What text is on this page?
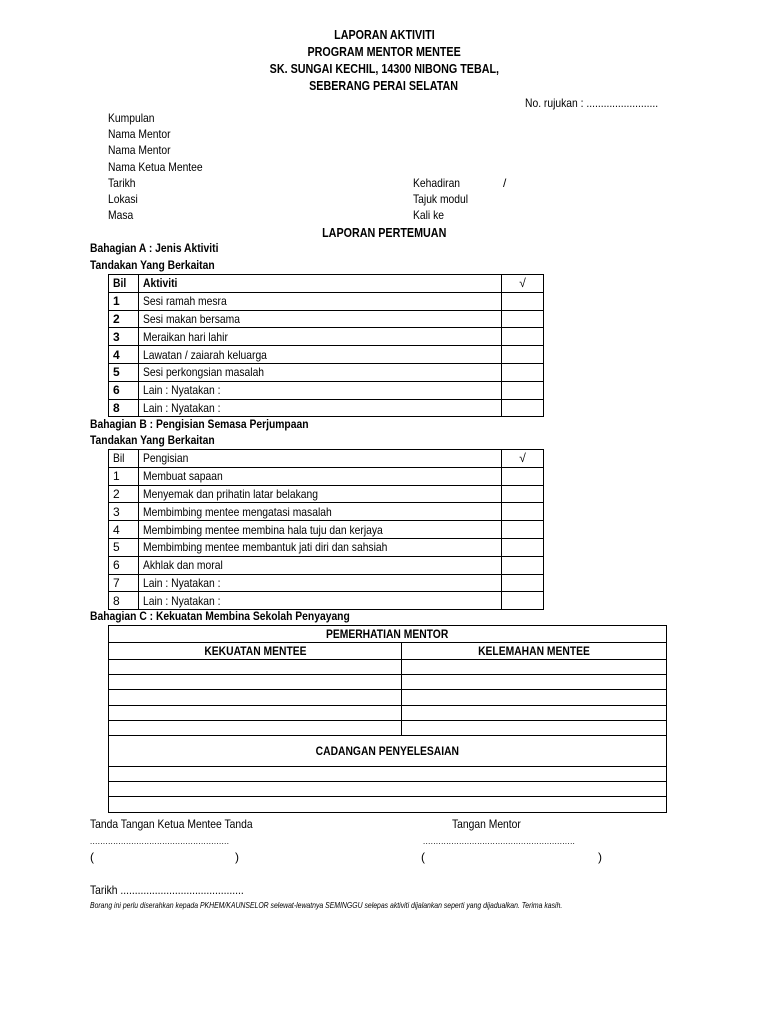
LAPORAN AKTIVITI
PROGRAM MENTOR MENTEE
SK. SUNGAI KECHIL, 14300 NIBONG TEBAL,
SEBERANG PERAI SELATAN
No. rujukan : .........................
Kumpulan
Nama Mentor
Nama Mentor
Nama Ketua Mentee
Tarikh
Lokasi
Masa
Kehadiran	/
Tajuk modul
Kali ke
LAPORAN PERTEMUAN
Bahagian A : Jenis Aktiviti
Tandakan Yang Berkaitan
Bil	Aktiviti	√
1	Sesi ramah mesra	
2	Sesi makan bersama	
3	Meraikan hari lahir	
4	Lawatan / zaiarah keluarga	
5	Sesi perkongsian masalah	
6	Lain : Nyatakan :	
8	Lain : Nyatakan :	
Bahagian B : Pengisian Semasa Perjumpaan
Tandakan Yang Berkaitan
Bil	Pengisian	√
1	Membuat sapaan	
2	Menyemak dan prihatin latar belakang	
3	Membimbing mentee mengatasi masalah	
4	Membimbing mentee membina hala tuju dan kerjaya	
5	Membimbing mentee membantuk jati diri dan sahsiah	
6	Akhlak dan moral	
7	Lain : Nyatakan :	
8	Lain : Nyatakan :	
Bahagian C : Kekuatan Membina Sekolah Penyayang
PEMERHATIAN MENTOR	
KEKUATAN MENTEE	KELEMAHAN MENTEE

CADANGAN PENYELESAIAN	

Tanda Tangan Ketua Mentee Tanda	Tangan Mentor
......................................................	...........................................................
(	)	(	)
Tarikh ...........................................
Borang ini perlu diserahkan kepada PKHEM/KAUNSELOR selewat-lewatnya SEMINGGU selepas aktiviti dijalankan seperti yang dijadualkan. Terima kasih.
